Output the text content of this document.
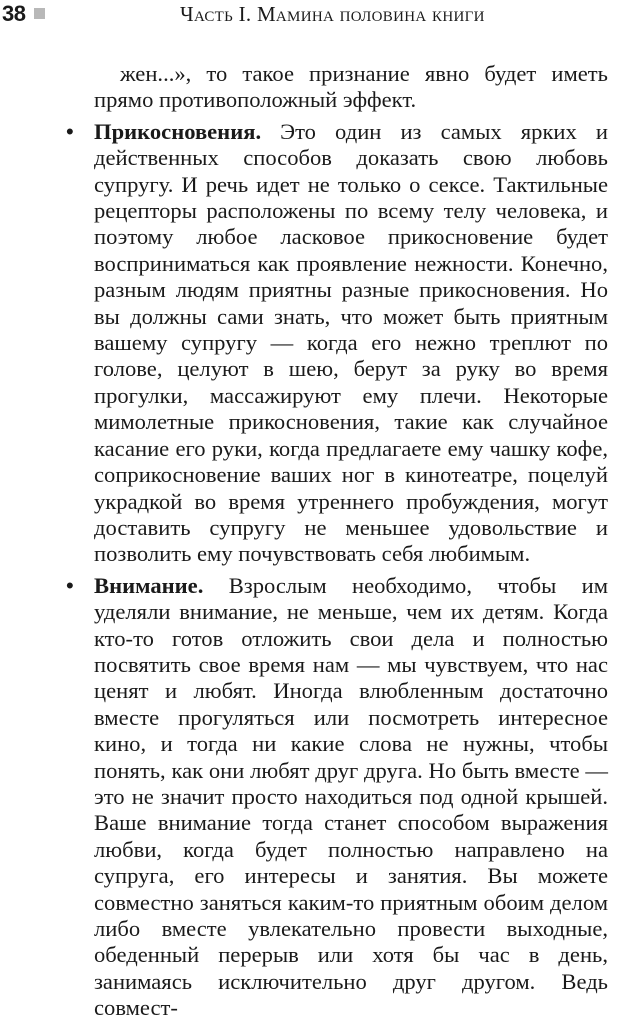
38	Часть I. Мамина половина книги

жен...», то такое признание явно будет иметь прямо противоположный эффект.

• Прикосновения. Это один из самых ярких и действенных способов доказать свою любовь супругу. И речь идет не только о сексе. Тактильные рецепторы расположены по всему телу человека, и поэтому любое ласковое прикосновение будет восприниматься как проявление нежности. Конечно, разным людям приятны разные прикосновения. Но вы должны сами знать, что может быть приятным вашему супругу — когда его нежно треплют по голове, целуют в шею, берут за руку во время прогулки, массажируют ему плечи. Некоторые мимолетные прикосновения, такие как случайное касание его руки, когда предлагаете ему чашку кофе, соприкосновение ваших ног в кинотеатре, поцелуй украдкой во время утреннего пробуждения, могут доставить супругу не меньшее удовольствие и позволить ему почувствовать себя любимым.

• Внимание. Взрослым необходимо, чтобы им уделяли внимание, не меньше, чем их детям. Когда кто-то готов отложить свои дела и полностью посвятить свое время нам — мы чувствуем, что нас ценят и любят. Иногда влюбленным достаточно вместе прогуляться или посмотреть интересное кино, и тогда ни какие слова не нужны, чтобы понять, как они любят друг друга. Но быть вместе — это не значит просто находиться под одной крышей. Ваше внимание тогда станет способом выражения любви, когда будет полностью направлено на супруга, его интересы и занятия. Вы можете совместно заняться каким-то приятным обоим делом либо вместе увлекательно провести выходные, обеденный перерыв или хотя бы час в день, занимаясь исключительно друг другом. Ведь совмест-
